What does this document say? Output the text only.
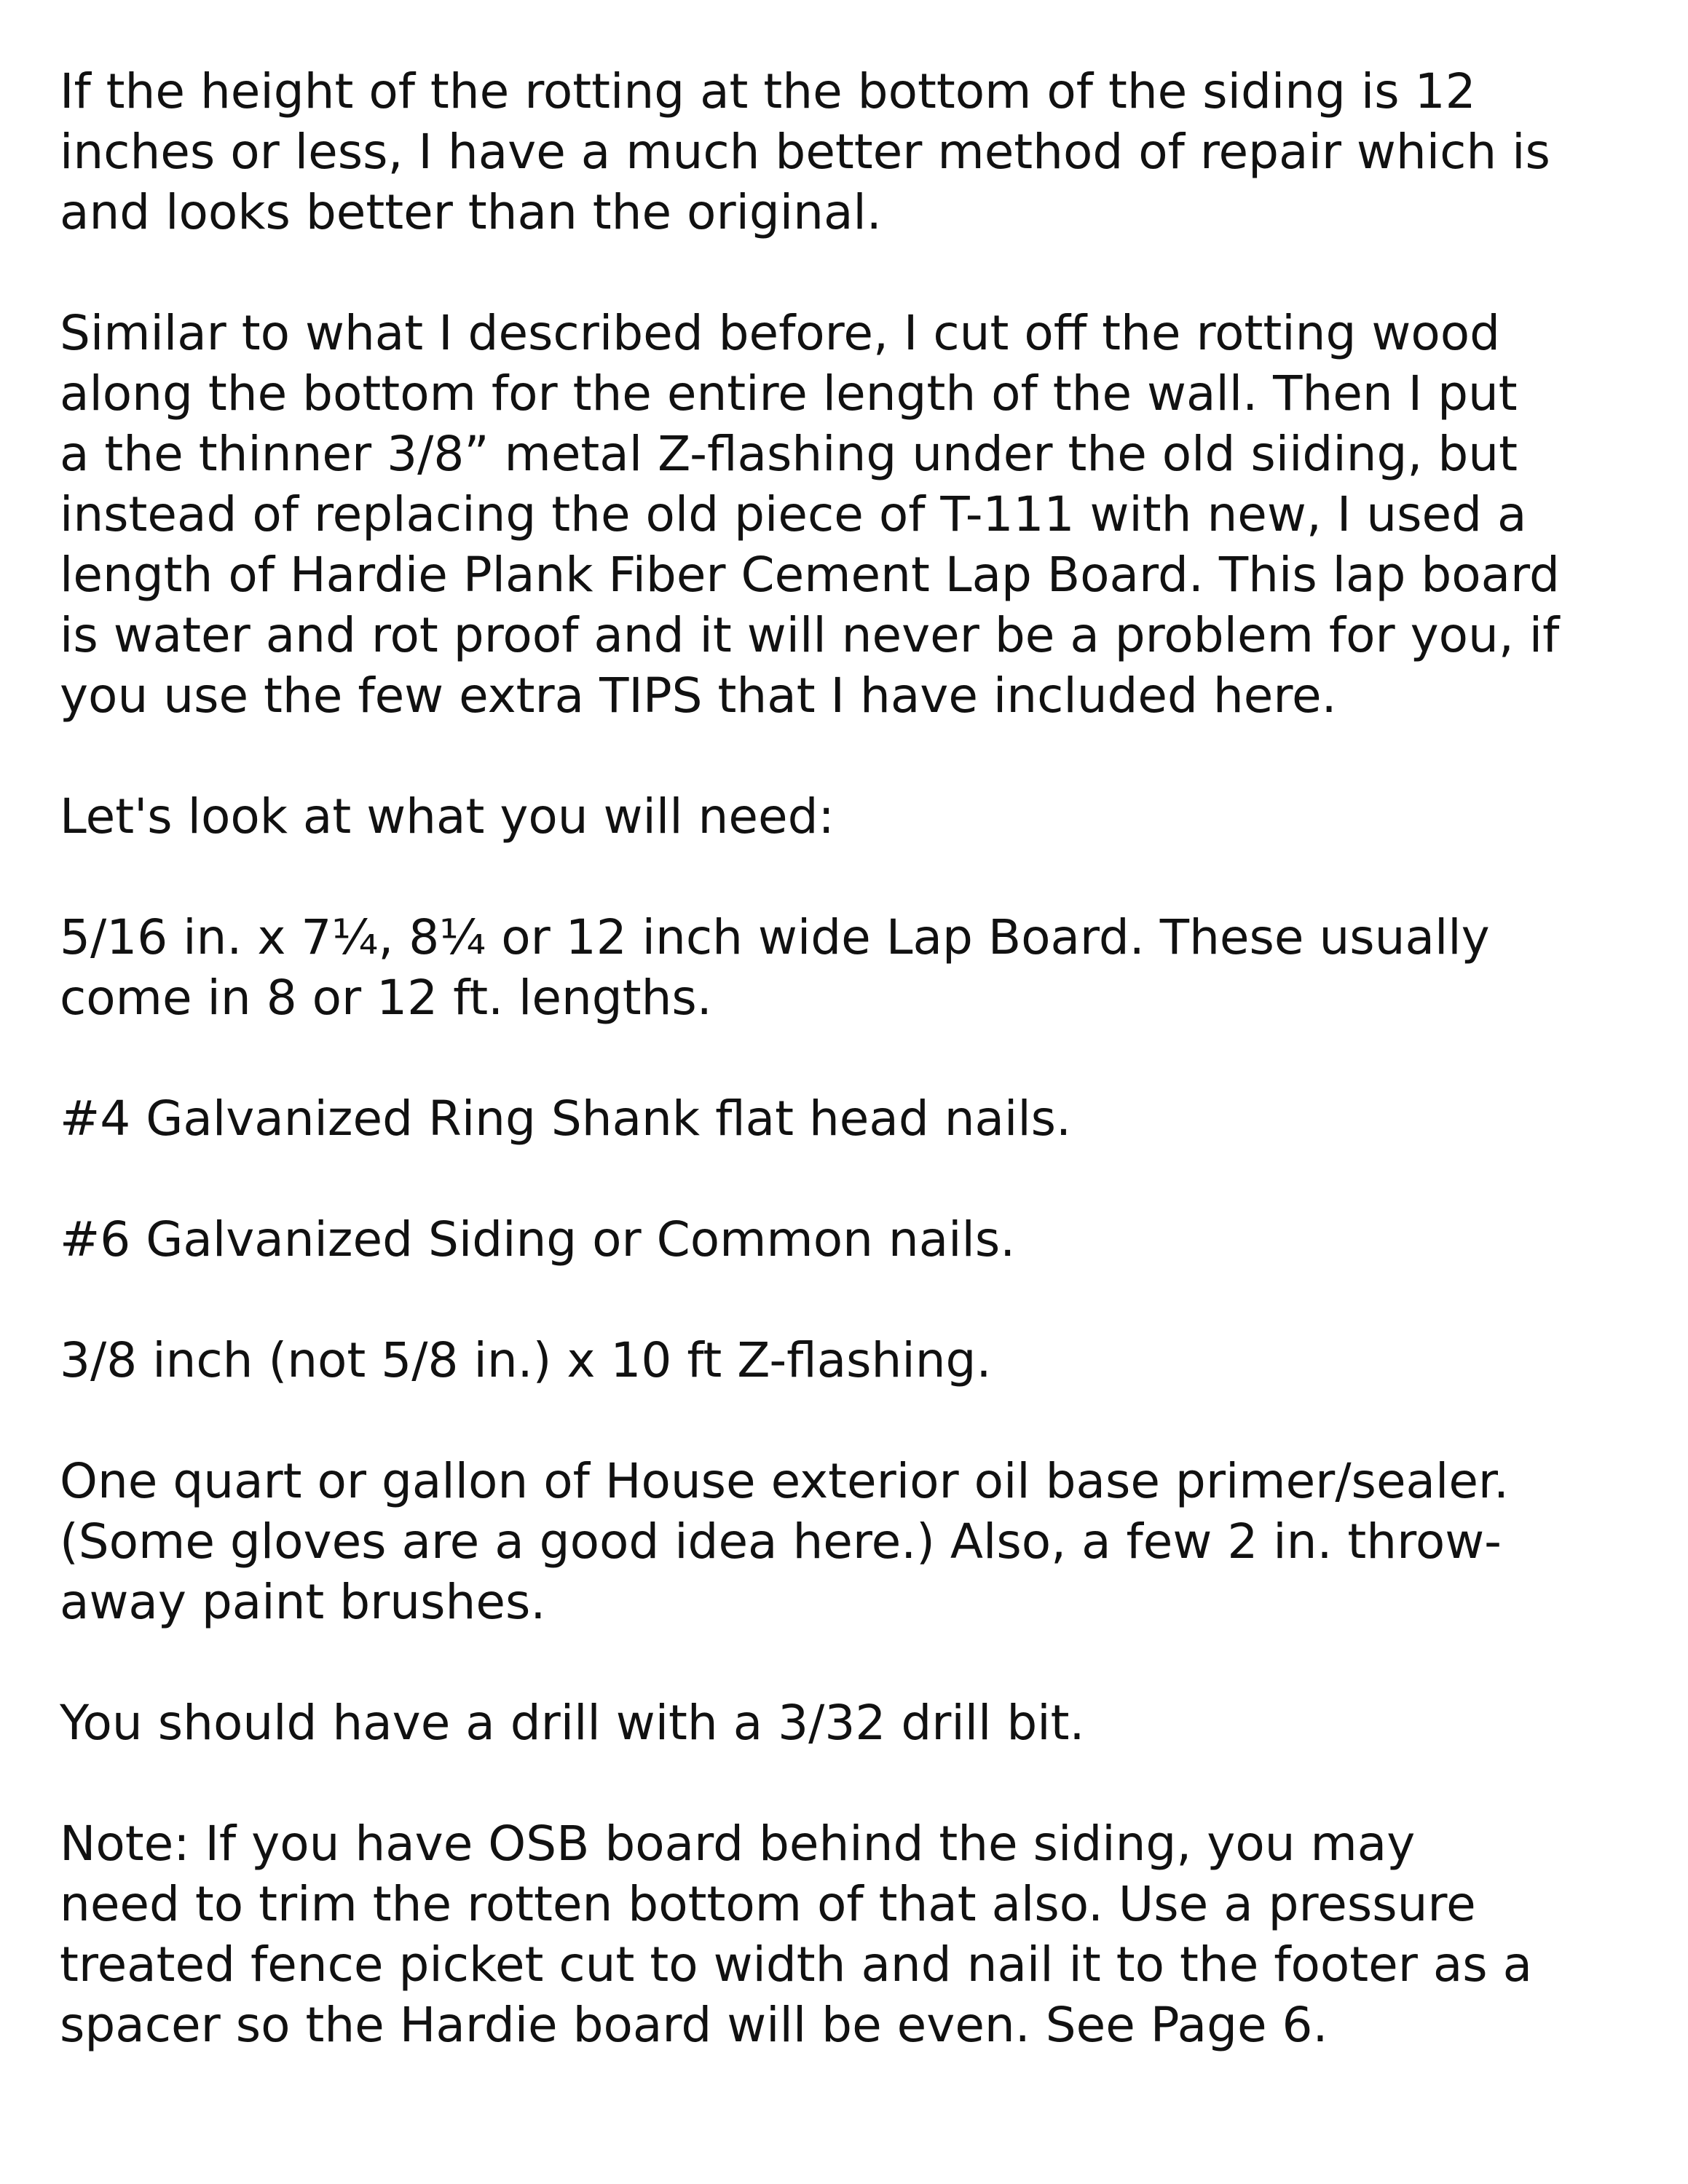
If the height of the rotting at the bottom of the siding is 12
inches or less, I have a much better method of repair which is
and looks better than the original.

Similar to what I described before, I cut off the rotting wood
along the bottom for the entire length of the wall. Then I put
a the thinner 3/8” metal Z-flashing under the old siiding, but
instead of replacing the old piece of T-111 with new, I used a
length of Hardie Plank Fiber Cement Lap Board. This lap board
is water and rot proof and it will never be a problem for you, if
you use the few extra TIPS that I have included here.

Let's look at what you will need:

5/16 in. x 7¼, 8¼ or 12 inch wide Lap Board. These usually
come in 8 or 12 ft. lengths.

#4 Galvanized Ring Shank flat head nails.

#6 Galvanized Siding or Common nails.

3/8 inch (not 5/8 in.) x 10 ft Z-flashing.

One quart or gallon of House exterior oil base primer/sealer.
(Some gloves are a good idea here.) Also, a few 2 in. throw-
away paint brushes.

You should have a drill with a 3/32 drill bit.

Note: If you have OSB board behind the siding, you may
need to trim the rotten bottom of that also. Use a pressure
treated fence picket cut to width and nail it to the footer as a
spacer so the Hardie board will be even. See Page 6.
